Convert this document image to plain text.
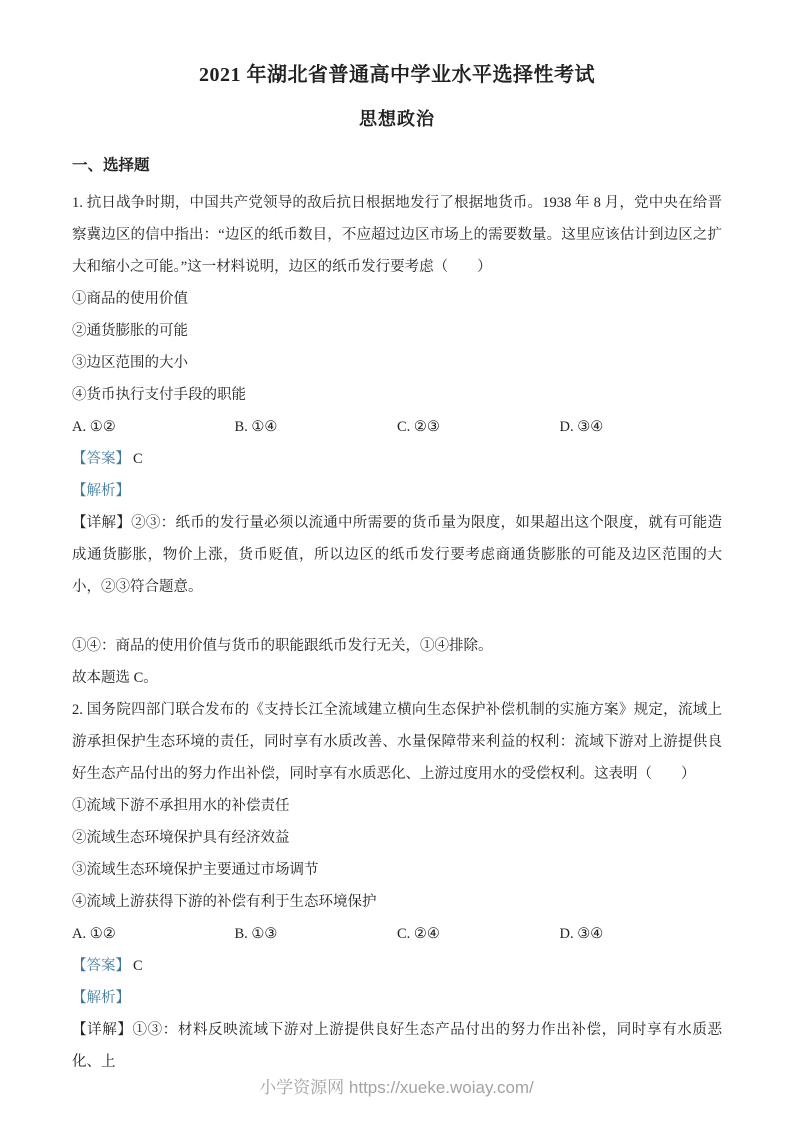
2021 年湖北省普通高中学业水平选择性考试
思想政治
一、选择题

1. 抗日战争时期，中国共产党领导的敌后抗日根据地发行了根据地货币。1938 年 8 月，党中央在给晋察冀边区的信中指出：“边区的纸币数目，不应超过边区市场上的需要数量。这里应该估计到边区之扩大和缩小之可能。”这一材料说明，边区的纸币发行要考虑（　　）

①商品的使用价值

②通货膨胀的可能

③边区范围的大小

④货币执行支付手段的职能

A. ①②	B. ①④	C. ②③	D. ③④

【答案】 C

【解析】

【详解】②③：纸币的发行量必须以流通中所需要的货币量为限度，如果超出这个限度，就有可能造成通货膨胀，物价上涨，货币贬值，所以边区的纸币发行要考虑商通货膨胀的可能及边区范围的大小，②③符合题意。

①④：商品的使用价值与货币的职能跟纸币发行无关，①④排除。

故本题选 C。

2. 国务院四部门联合发布的《支持长江全流域建立横向生态保护补偿机制的实施方案》规定，流域上游承担保护生态环境的责任，同时享有水质改善、水量保障带来利益的权利：流域下游对上游提供良好生态产品付出的努力作出补偿，同时享有水质恶化、上游过度用水的受偿权利。这表明（　　）

①流域下游不承担用水的补偿责任

②流域生态环境保护具有经济效益

③流域生态环境保护主要通过市场调节

④流域上游获得下游的补偿有利于生态环境保护

A. ①②	B. ①③	C. ②④	D. ③④

【答案】 C

【解析】

【详解】①③：材料反映流域下游对上游提供良好生态产品付出的努力作出补偿，同时享有水质恶化、上

小学资源网 https://xueke.woiay.com/
